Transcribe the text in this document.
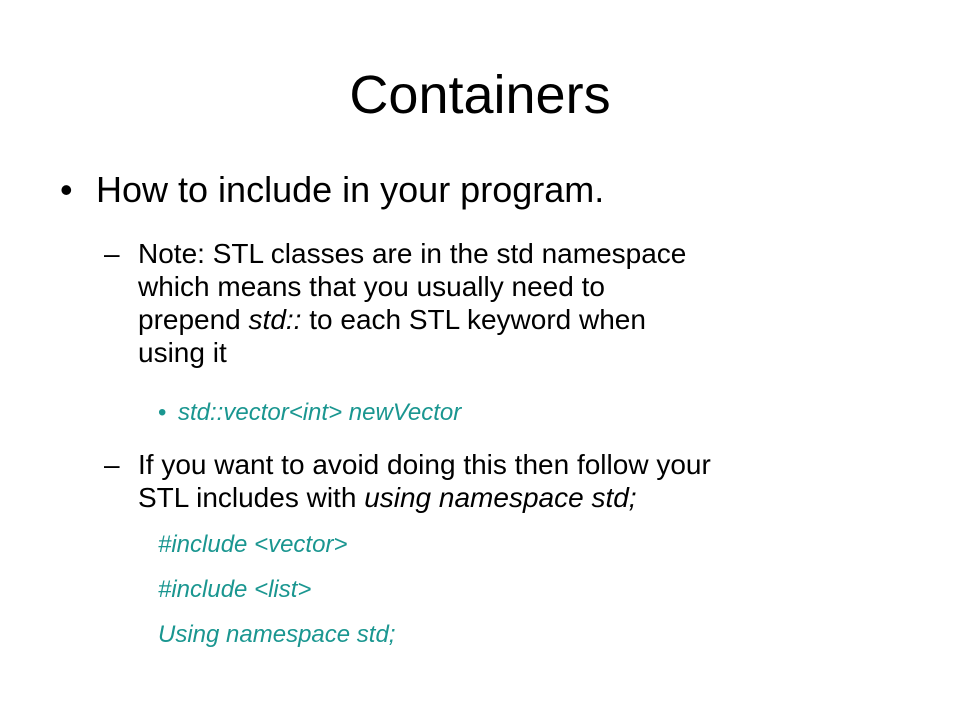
Containers
• How to include in your program.
– Note: STL classes are in the std namespace
which means that you usually need to
prepend std:: to each STL keyword when
using it
• std::vector<int> newVector
– If you want to avoid doing this then follow your
STL includes with using namespace std;
#include <vector>
#include <list>
Using namespace std;
